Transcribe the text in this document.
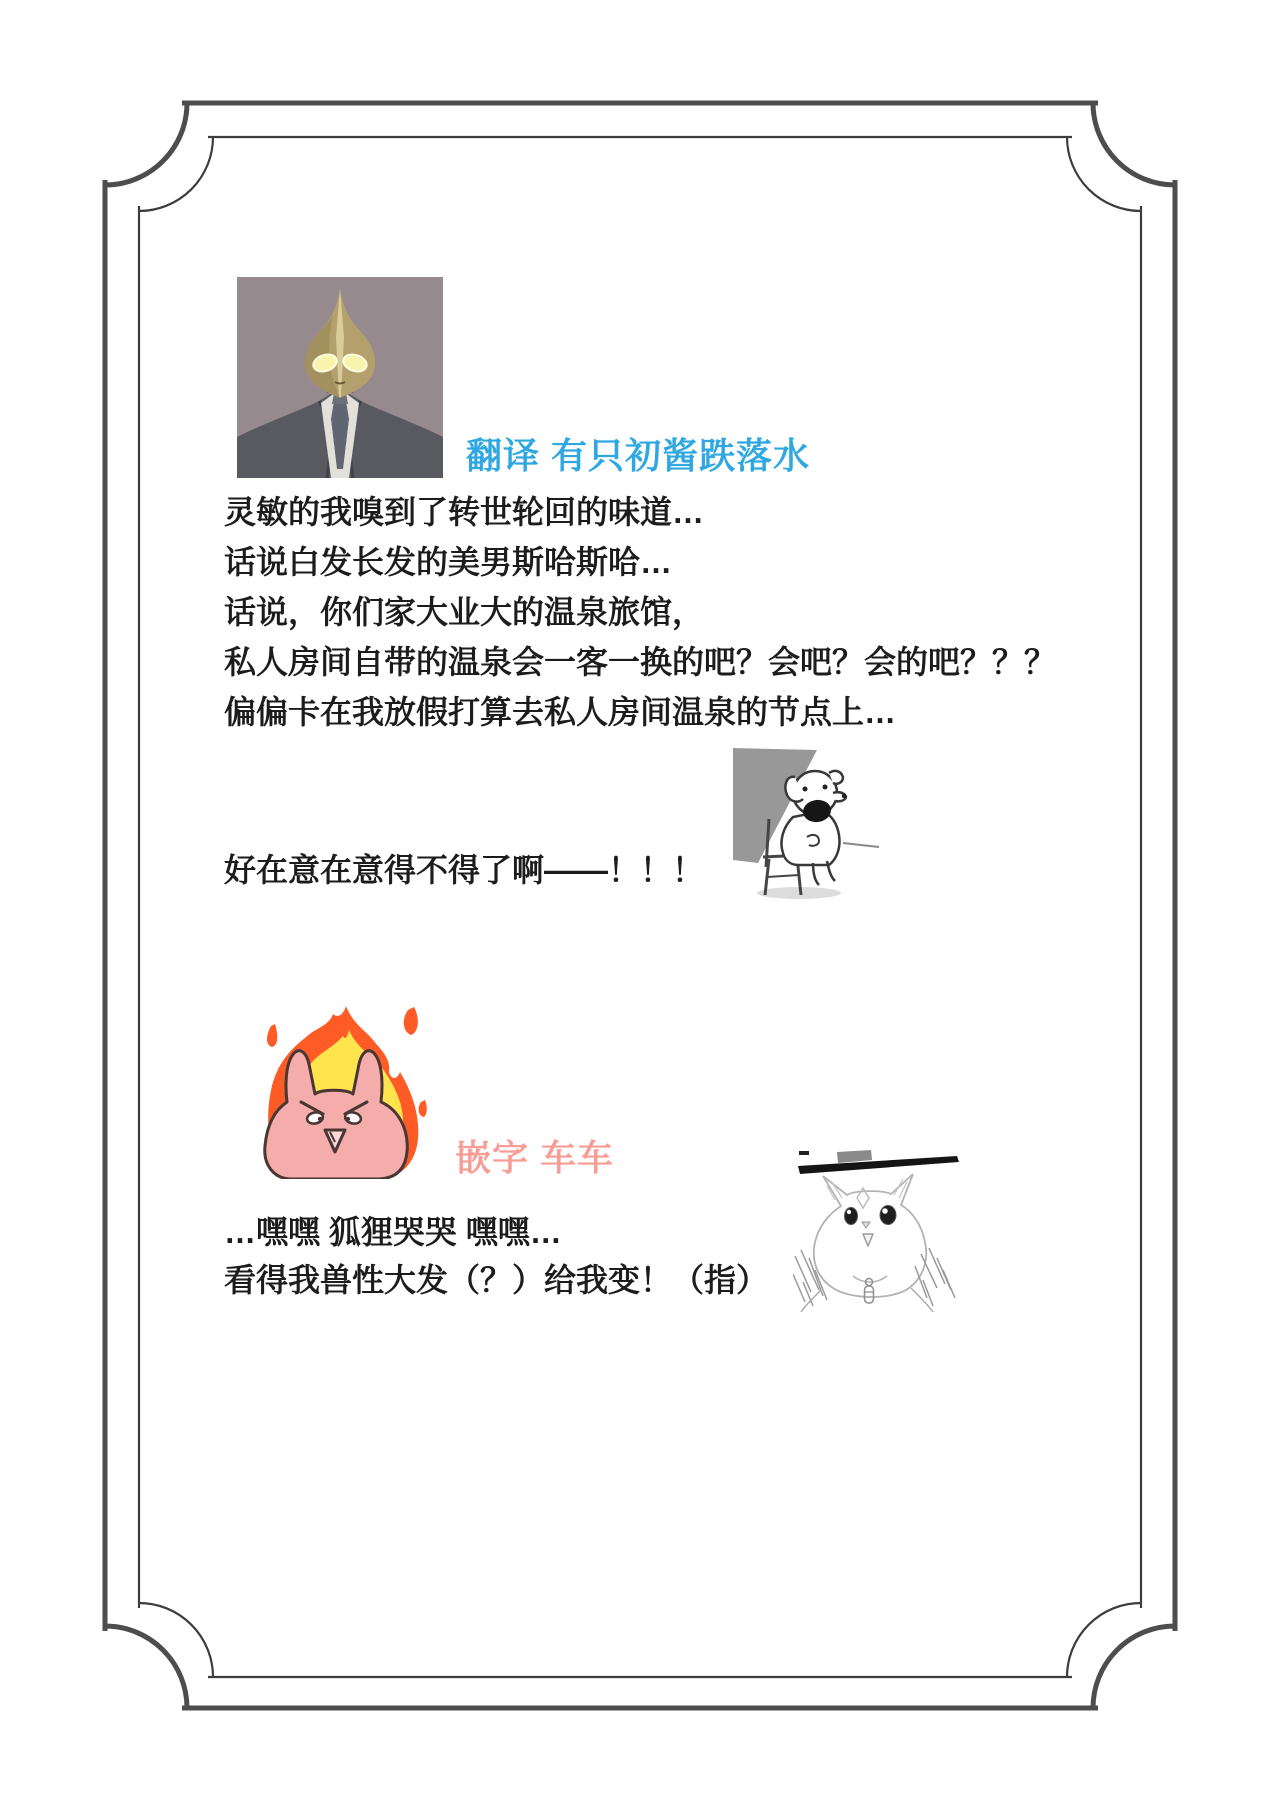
翻译 有只初酱跌落水
灵敏的我嗅到了转世轮回的味道…
话说白发长发的美男斯哈斯哈…
话说，你们家大业大的温泉旅馆，
私人房间自带的温泉会一客一换的吧？会吧？会的吧？？？
偏偏卡在我放假打算去私人房间温泉的节点上…
好在意在意得不得了啊——！！！
嵌字 车车
…嘿嘿 狐狸哭哭 嘿嘿…
看得我兽性大发（？）给我变！（指）
